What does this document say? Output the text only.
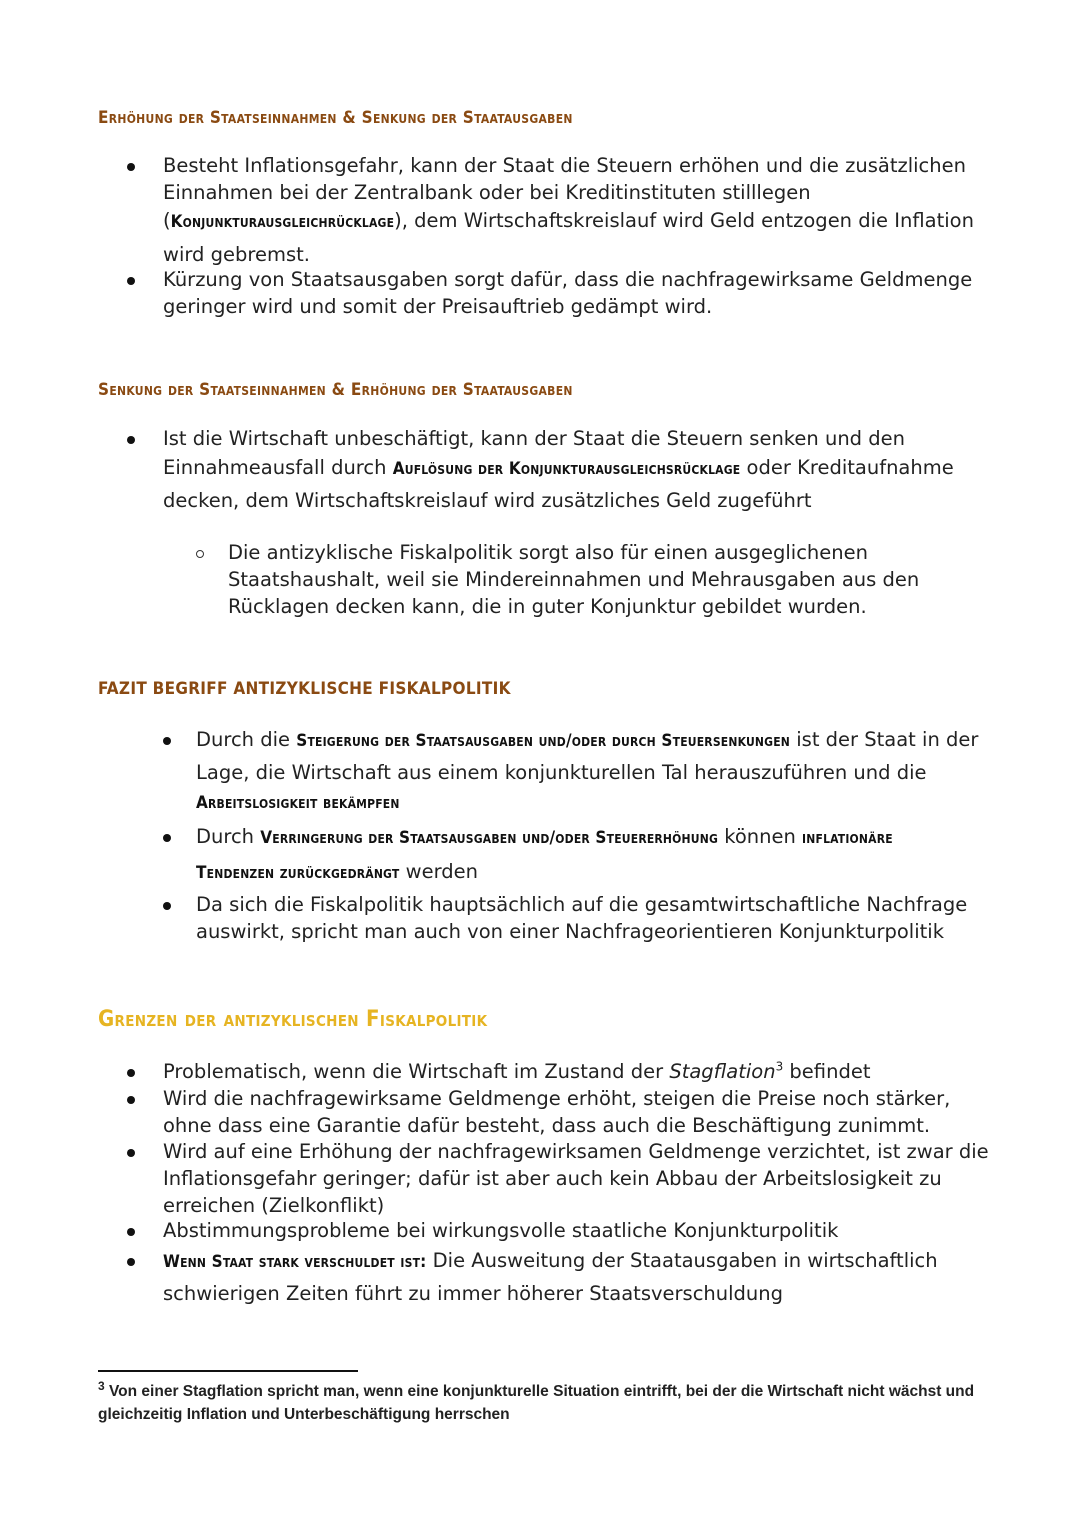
Erhöhung der Staatseinnahmen & Senkung der Staatausgaben
Besteht Inflationsgefahr, kann der Staat die Steuern erhöhen und die zusätzlichen
Einnahmen bei der Zentralbank oder bei Kreditinstituten stilllegen
(Konjunkturausgleichrücklage), dem Wirtschaftskreislauf wird Geld entzogen die Inflation
wird gebremst.
Kürzung von Staatsausgaben sorgt dafür, dass die nachfragewirksame Geldmenge
geringer wird und somit der Preisauftrieb gedämpt wird.
Senkung der Staatseinnahmen & Erhöhung der Staatausgaben
Ist die Wirtschaft unbeschäftigt, kann der Staat die Steuern senken und den
Einnahmeausfall durch Auflösung der Konjunkturausgleichsrücklage oder Kreditaufnahme
decken, dem Wirtschaftskreislauf wird zusätzliches Geld zugeführt
Die antizyklische Fiskalpolitik sorgt also für einen ausgeglichenen
Staatshaushalt, weil sie Mindereinnahmen und Mehrausgaben aus den
Rücklagen decken kann, die in guter Konjunktur gebildet wurden.
FAZIT BEGRIFF ANTIZYKLISCHE FISKALPOLITIK
Durch die Steigerung der Staatsausgaben und/oder durch Steuersenkungen ist der Staat in der
Lage, die Wirtschaft aus einem konjunkturellen Tal herauszuführen und die
Arbeitslosigkeit bekämpfen
Durch Verringerung der Staatsausgaben und/oder Steuererhöhung können inflationäre
Tendenzen zurückgedrängt werden
Da sich die Fiskalpolitik hauptsächlich auf die gesamtwirtschaftliche Nachfrage
auswirkt, spricht man auch von einer Nachfrageorientieren Konjunkturpolitik
Grenzen der antizyklischen Fiskalpolitik
Problematisch, wenn die Wirtschaft im Zustand der Stagflation$^3$ befindet
Wird die nachfragewirksame Geldmenge erhöht, steigen die Preise noch stärker,
ohne dass eine Garantie dafür besteht, dass auch die Beschäftigung zunimmt.
Wird auf eine Erhöhung der nachfragewirksamen Geldmenge verzichtet, ist zwar die
Inflationsgefahr geringer; dafür ist aber auch kein Abbau der Arbeitslosigkeit zu
erreichen (Zielkonflikt)
Abstimmungsprobleme bei wirkungsvolle staatliche Konjunkturpolitik
Wenn Staat stark verschuldet ist: Die Ausweitung der Staatausgaben in wirtschaftlich
schwierigen Zeiten führt zu immer höherer Staatsverschuldung
$^3$ Von einer Stagflation spricht man, wenn eine konjunkturelle Situation eintrifft, bei der die Wirtschaft nicht wächst und
gleichzeitig Inflation und Unterbeschäftigung herrschen
